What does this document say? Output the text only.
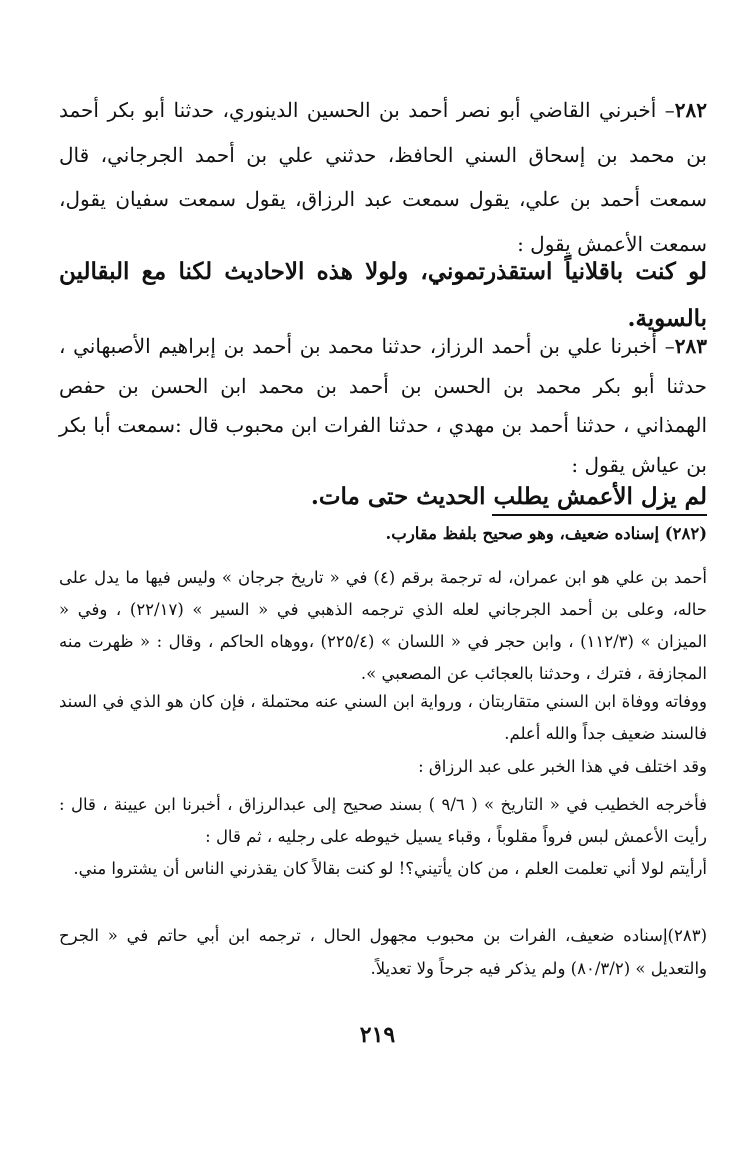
٢٨٢– أخبرني القاضي أبو نصر أحمد بن الحسين الدينوري، حدثنا أبو بكر أحمد بن محمد بن إسحاق السني الحافظ، حدثني علي بن أحمد الجرجاني، قال سمعت أحمد بن علي، يقول سمعت عبد الرزاق، يقول سمعت سفيان يقول، سمعت الأعمش يقول :

لو كنت باقلانياً استقذرتموني، ولولا هذه الاحاديث لكنا مع البقالين بالسوية.

٢٨٣– أخبرنا علي بن أحمد الرزاز، حدثنا محمد بن أحمد بن إبراهيم الأصبهاني ، حدثنا أبو بكر محمد بن الحسن بن أحمد بن محمد ابن الحسن بن حفص الهمذاني ، حدثنا أحمد بن مهدي ، حدثنا الفرات ابن محبوب قال :سمعت أبا بكر بن عياش يقول :

لم يزل الأعمش يطلب الحديث حتى مات.

(٢٨٢) إسناده ضعيف، وهو صحيح بلفظ مقارب.

أحمد بن علي هو ابن عمران، له ترجمة برقم (٤) في « تاريخ جرجان » وليس فيها ما يدل على حاله، وعلى بن أحمد الجرجاني لعله الذي ترجمه الذهبي في « السير » (٢٢/١٧) ، وفي « الميزان » (١١٢/٣) ، وابن حجر في « اللسان » (٢٢٥/٤) ،ووهاه الحاكم ، وقال : « ظهرت منه المجازفة ، فترك ، وحدثنا بالعجائب عن المصعبي ».

ووفاته ووفاة ابن السني متقاربتان ، ورواية ابن السني عنه محتملة ، فإن كان هو الذي في السند فالسند ضعيف جداً والله أعلم.

وقد اختلف في هذا الخبر على عبد الرزاق :

فأخرجه الخطيب في « التاريخ » ( ٩/٦ ) بسند صحيح إلى عبدالرزاق ، أخبرنا ابن عيينة ، قال : رأيت الأعمش لبس فرواً مقلوباً ، وقباء يسيل خيوطه على رجليه ، ثم قال :

أرأيتم لولا أني تعلمت العلم ، من كان يأتيني؟! لو كنت بقالاً كان يقذرني الناس أن يشتروا مني.

(٢٨٣)إسناده ضعيف، الفرات بن محبوب مجهول الحال ، ترجمه ابن أبي حاتم في « الجرح والتعديل » (٨٠/٣/٢) ولم يذكر فيه جرحاً ولا تعديلاً.

٢١٩
